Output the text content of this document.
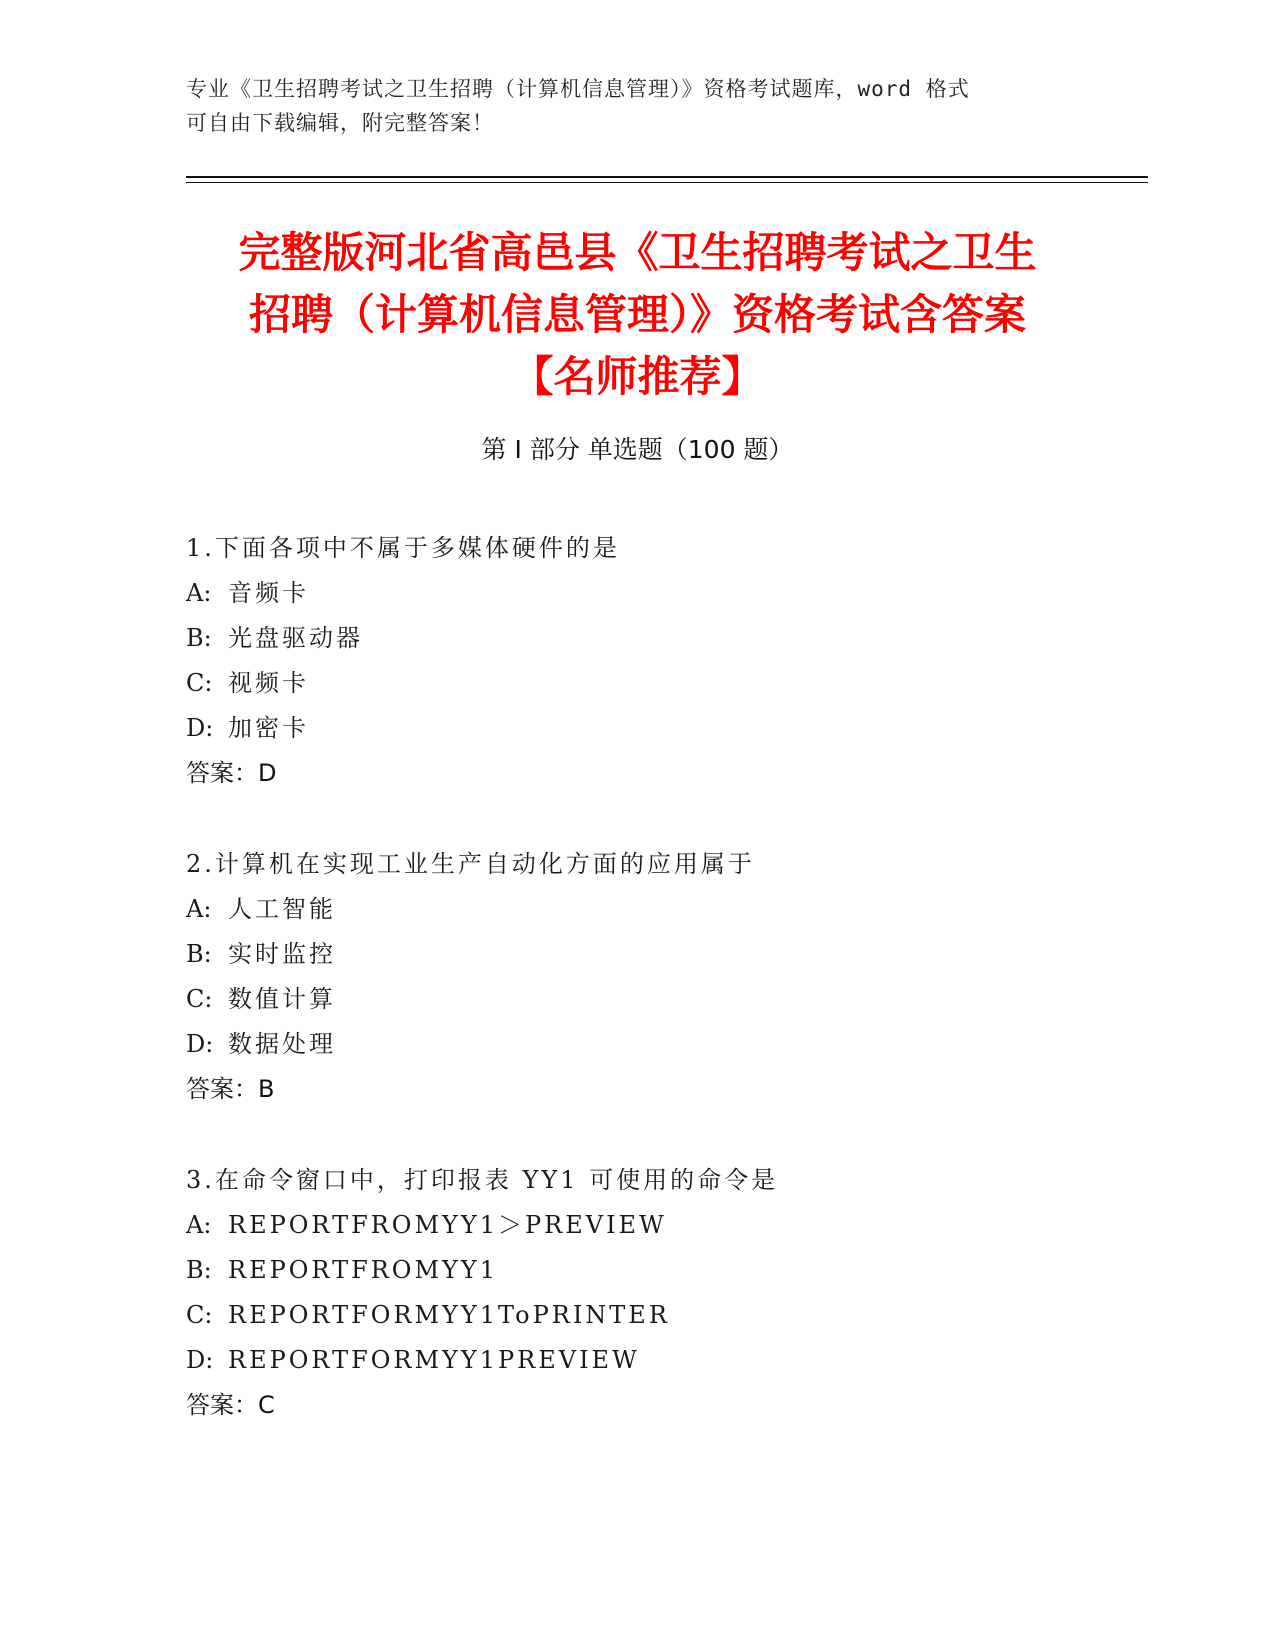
专业《卫生招聘考试之卫生招聘（计算机信息管理）》资格考试题库，word 格式
可自由下载编辑，附完整答案！
完整版河北省高邑县《卫生招聘考试之卫生
招聘（计算机信息管理）》资格考试含答案
【名师推荐】
第 I 部分 单选题（100 题）
1.下面各项中不属于多媒体硬件的是
A: 音频卡
B: 光盘驱动器
C: 视频卡
D: 加密卡
答案：D
2.计算机在实现工业生产自动化方面的应用属于
A: 人工智能
B: 实时监控
C: 数值计算
D: 数据处理
答案：B
3.在命令窗口中，打印报表 YY1 可使用的命令是
A: REPORTFROMYY1＞PREVIEW
B: REPORTFROMYY1
C: REPORTFORMYY1ToPRINTER
D: REPORTFORMYY1PREVIEW
答案：C
